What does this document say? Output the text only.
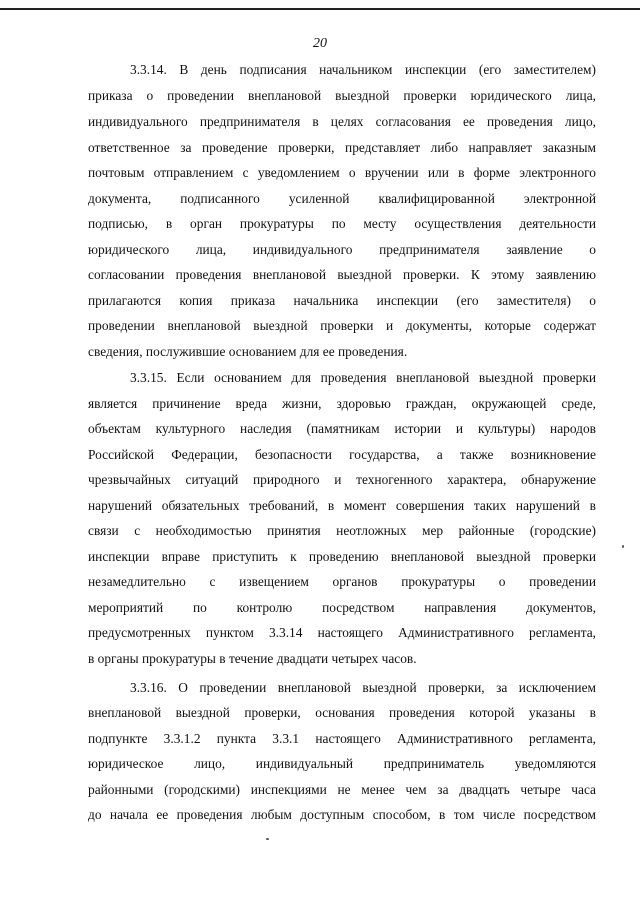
20
3.3.14. В день подписания начальником инспекции (его заместителем)
приказа о проведении внеплановой выездной проверки юридического лица,
индивидуального предпринимателя в целях согласования ее проведения лицо,
ответственное за проведение проверки, представляет либо направляет заказным
почтовым отправлением с уведомлением о вручении или в форме электронного
документа, подписанного усиленной квалифицированной электронной
подписью, в орган прокуратуры по месту осуществления деятельности
юридического лица, индивидуального предпринимателя заявление о
согласовании проведения внеплановой выездной проверки. К этому заявлению
прилагаются копия приказа начальника инспекции (его заместителя) о
проведении внеплановой выездной проверки и документы, которые содержат
сведения, послужившие основанием для ее проведения.
3.3.15. Если основанием для проведения внеплановой выездной проверки
является причинение вреда жизни, здоровью граждан, окружающей среде,
объектам культурного наследия (памятникам истории и культуры) народов
Российской Федерации, безопасности государства, а также возникновение
чрезвычайных ситуаций природного и техногенного характера, обнаружение
нарушений обязательных требований, в момент совершения таких нарушений в
связи с необходимостью принятия неотложных мер районные (городские)
инспекции вправе приступить к проведению внеплановой выездной проверки
незамедлительно с извещением органов прокуратуры о проведении
мероприятий по контролю посредством направления документов,
предусмотренных пунктом 3.3.14 настоящего Административного регламента,
в органы прокуратуры в течение двадцати четырех часов.
3.3.16. О проведении внеплановой выездной проверки, за исключением
внеплановой выездной проверки, основания проведения которой указаны в
подпункте 3.3.1.2 пункта 3.3.1 настоящего Административного регламента,
юридическое лицо, индивидуальный предприниматель уведомляются
районными (городскими) инспекциями не менее чем за двадцать четыре часа
до начала ее проведения любым доступным способом, в том числе посредством
